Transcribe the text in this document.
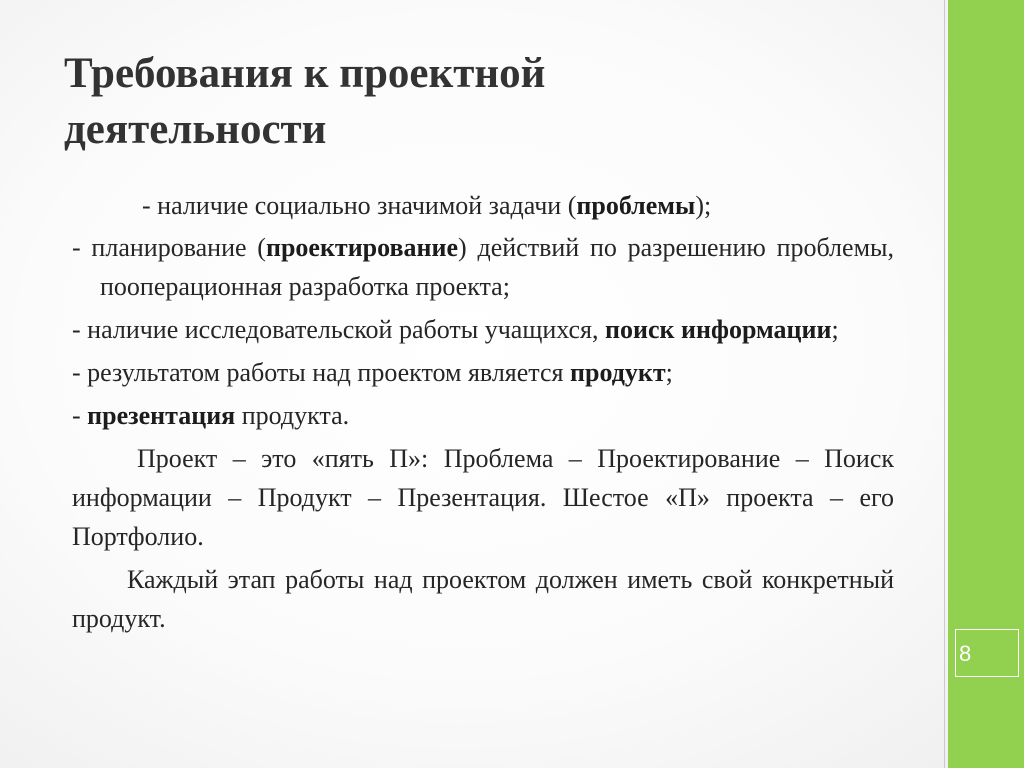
8
Требования к проектной
деятельности

- наличие социально значимой задачи (проблемы);

- планирование (проектирование) действий по разрешению проблемы, пооперационная разработка проекта;

- наличие исследовательской работы учащихся, поиск информации;

- результатом работы над проектом является продукт;

- презентация продукта.

Проект – это «пять П»: Проблема – Проектирование – Поиск информации – Продукт – Презентация. Шестое «П» проекта – его Портфолио.

Каждый этап работы над проектом должен иметь свой конкретный продукт.
